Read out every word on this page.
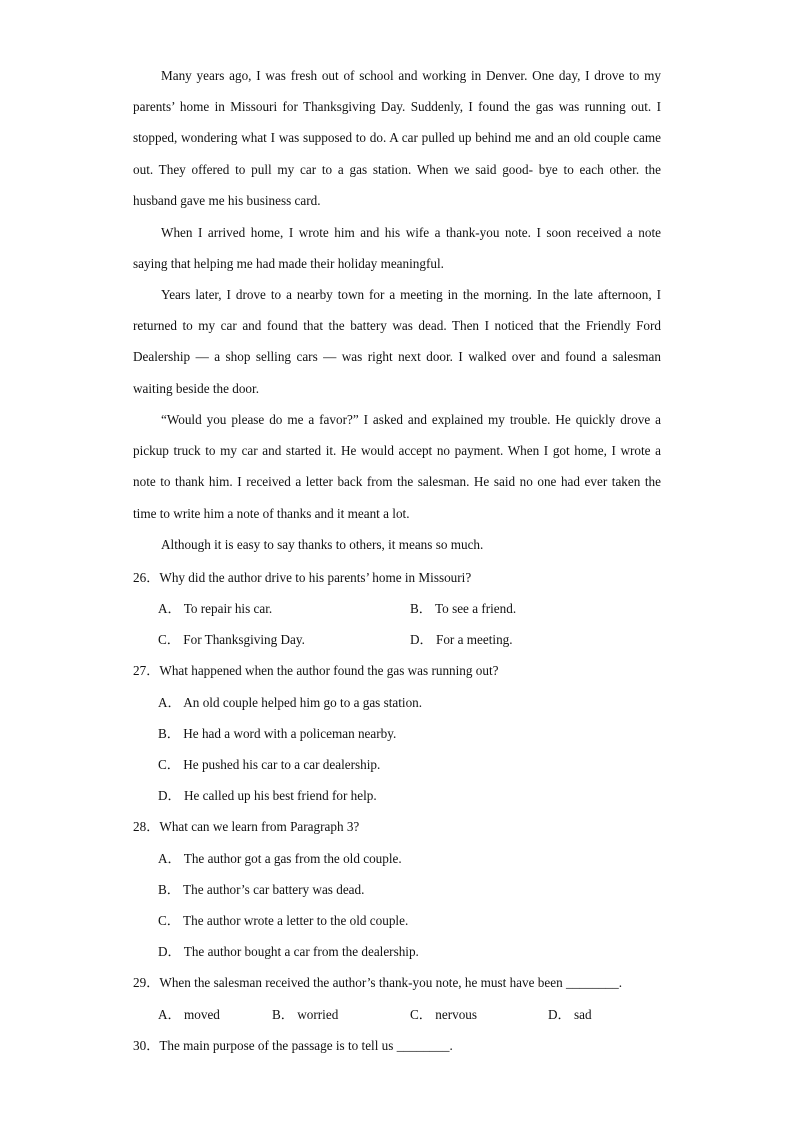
Many years ago, I was fresh out of school and working in Denver. One day, I drove to my parents’ home in Missouri for Thanksgiving Day. Suddenly, I found the gas was running out. I stopped, wondering what I was supposed to do. A car pulled up behind me and an old couple came out. They offered to pull my car to a gas station. When we said good- bye to each other. the husband gave me his business card.

When I arrived home, I wrote him and his wife a thank-you note. I soon received a note saying that helping me had made their holiday meaningful.

Years later, I drove to a nearby town for a meeting in the morning. In the late afternoon, I returned to my car and found that the battery was dead. Then I noticed that the Friendly Ford Dealership — a shop selling cars — was right next door. I walked over and found a salesman waiting beside the door.

“Would you please do me a favor?” I asked and explained my trouble. He quickly drove a pickup truck to my car and started it. He would accept no payment. When I got home, I wrote a note to thank him. I received a letter back from the salesman. He said no one had ever taken the time to write him a note of thanks and it meant a lot.

Although it is easy to say thanks to others, it means so much.

26．Why did the author drive to his parents’ home in Missouri?

A． To repair his car.	B． To see a friend.

C． For Thanksgiving Day.	D． For a meeting.

27．What happened when the author found the gas was running out?

A． An old couple helped him go to a gas station.

B． He had a word with a policeman nearby.

C． He pushed his car to a car dealership.

D． He called up his best friend for help.

28．What can we learn from Paragraph 3?

A． The author got a gas from the old couple.

B． The author’s car battery was dead.

C． The author wrote a letter to the old couple.

D． The author bought a car from the dealership.

29．When the salesman received the author’s thank-you note, he must have been ________.

A． moved	B． worried	C． nervous	D． sad

30．The main purpose of the passage is to tell us ________.
